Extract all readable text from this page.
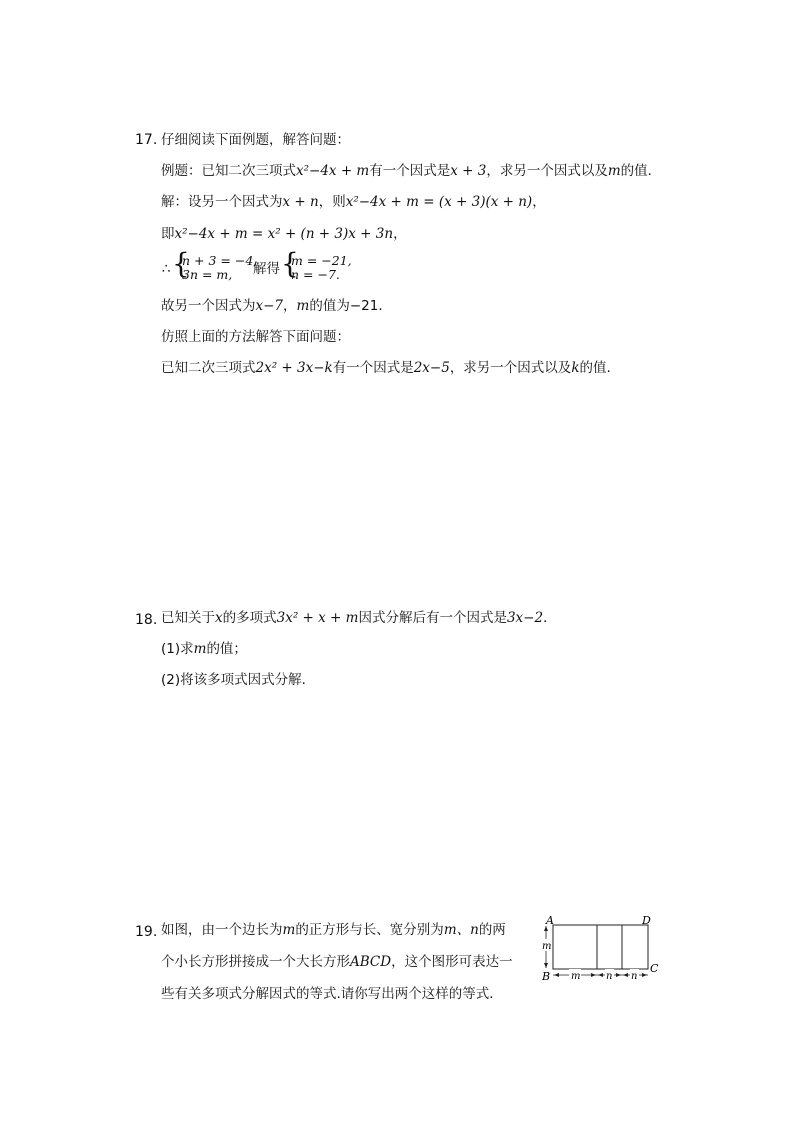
17. 仔细阅读下面例题，解答问题：
例题：已知二次三项式x²−4x + m有一个因式是x + 3，求另一个因式以及m的值．
解：设另一个因式为x + n，则x²−4x + m = (x + 3)(x + n)，
即x²−4x + m = x² + (n + 3)x + 3n，
∴ {
n + 3 = −4,
3n = m, 解得 {
m = −21,
n = −7.
故另一个因式为x−7，m的值为−21．
仿照上面的方法解答下面问题：
已知二次三项式2x² + 3x−k有一个因式是2x−5，求另一个因式以及k的值.
18. 已知关于x的多项式3x² + x + m因式分解后有一个因式是3x−2．
(1)求m的值；
(2)将该多项式因式分解．
19. 如图，由一个边长为m的正方形与长、宽分别为m、n的两
个小长方形拼接成一个大长方形ABCD，这个图形可表达一
些有关多项式分解因式的等式.请你写出两个这样的等式．
A	D
B
C
m
m	n n
